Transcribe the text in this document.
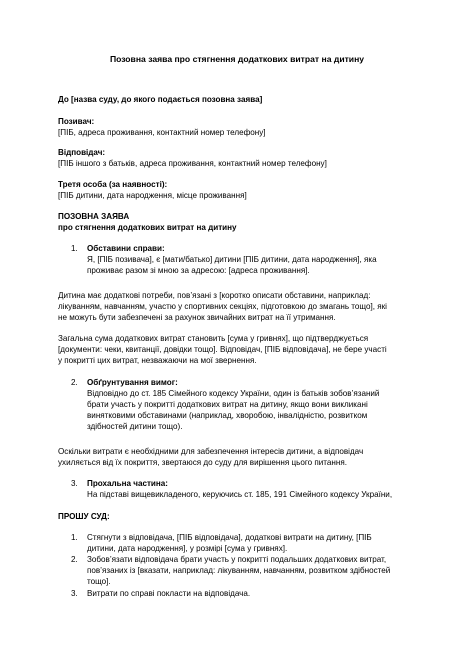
Позовна заява про стягнення додаткових витрат на дитину
До [назва суду, до якого подається позовна заява]
Позивач:
[ПІБ, адреса проживання, контактний номер телефону]
Відповідач:
[ПІБ іншого з батьків, адреса проживання, контактний номер телефону]
Третя особа (за наявності):
[ПІБ дитини, дата народження, місце проживання]
ПОЗОВНА ЗАЯВА
про стягнення додаткових витрат на дитину
1.	Обставини справи:
Я, [ПІБ позивача], є [мати/батько] дитини [ПІБ дитини, дата народження], яка
проживає разом зі мною за адресою: [адреса проживання].
Дитина має додаткові потреби, пов’язані з [коротко описати обставини, наприклад:
лікуванням, навчанням, участю у спортивних секціях, підготовкою до змагань тощо], які
не можуть бути забезпечені за рахунок звичайних витрат на її утримання.
Загальна сума додаткових витрат становить [сума у гривнях], що підтверджується
[документи: чеки, квитанції, довідки тощо]. Відповідач, [ПІБ відповідача], не бере участі
у покритті цих витрат, незважаючи на мої звернення.
2.	Обґрунтування вимог:
Відповідно до ст. 185 Сімейного кодексу України, один із батьків зобов’язаний
брати участь у покритті додаткових витрат на дитину, якщо вони викликані
винятковими обставинами (наприклад, хворобою, інвалідністю, розвитком
здібностей дитини тощо).
Оскільки витрати є необхідними для забезпечення інтересів дитини, а відповідач
ухиляється від їх покриття, звертаюся до суду для вирішення цього питання.
3.	Прохальна частина:
На підставі вищевикладеного, керуючись ст. 185, 191 Сімейного кодексу України,
ПРОШУ СУД:
1.	Стягнути з відповідача, [ПІБ відповідача], додаткові витрати на дитину, [ПІБ
дитини, дата народження], у розмірі [сума у гривнях].
2.	Зобов’язати відповідача брати участь у покритті подальших додаткових витрат,
пов’язаних із [вказати, наприклад: лікуванням, навчанням, розвитком здібностей
тощо].
3.	Витрати по справі покласти на відповідача.
